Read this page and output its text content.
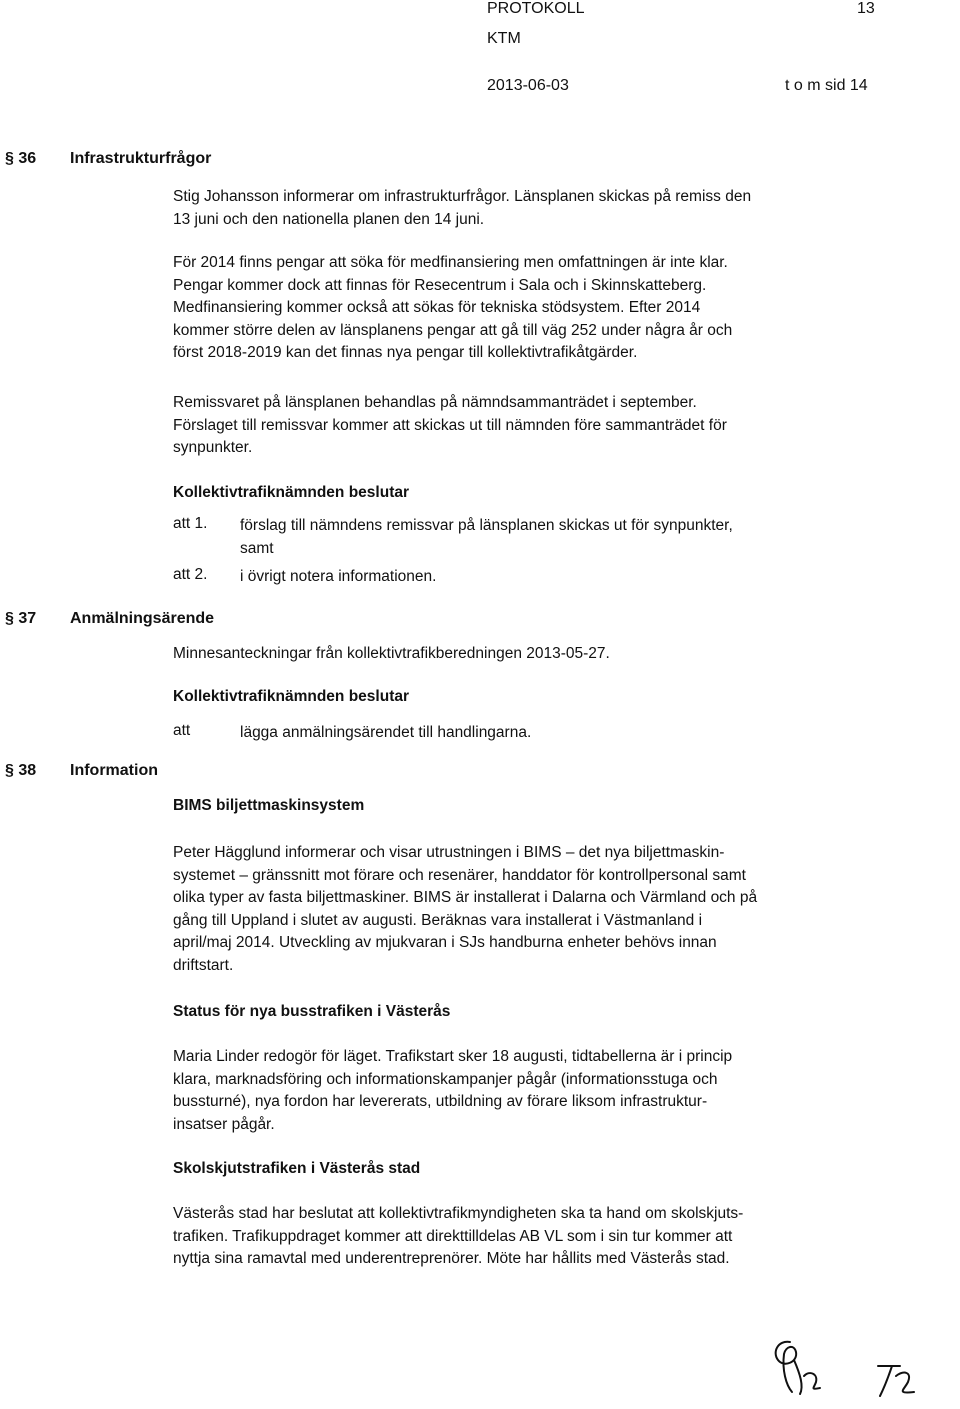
PROTOKOLL	13
KTM
2013-06-03	t o m sid 14
§ 36 Infrastrukturfrågor
Stig Johansson informerar om infrastrukturfrågor. Länsplanen skickas på remiss den
13 juni och den nationella planen den 14 juni.
För 2014 finns pengar att söka för medfinansiering men omfattningen är inte klar.
Pengar kommer dock att finnas för Resecentrum i Sala och i Skinnskatteberg.
Medfinansiering kommer också att sökas för tekniska stödsystem. Efter 2014
kommer större delen av länsplanens pengar att gå till väg 252 under några år och
först 2018-2019 kan det finnas nya pengar till kollektivtrafikåtgärder.
Remissvaret på länsplanen behandlas på nämndsammanträdet i september.
Förslaget till remissvar kommer att skickas ut till nämnden före sammanträdet för
synpunkter.
Kollektivtrafiknämnden beslutar
att 1. förslag till nämndens remissvar på länsplanen skickas ut för synpunkter,
samt
att 2. i övrigt notera informationen.
§ 37 Anmälningsärende
Minnesanteckningar från kollektivtrafikberedningen 2013-05-27.
Kollektivtrafiknämnden beslutar
att	lägga anmälningsärendet till handlingarna.
§ 38 Information
BIMS biljettmaskinsystem
Peter Hägglund informerar och visar utrustningen i BIMS – det nya biljettmaskin-
systemet – gränssnitt mot förare och resenärer, handdator för kontrollpersonal samt
olika typer av fasta biljettmaskiner. BIMS är installerat i Dalarna och Värmland och på
gång till Uppland i slutet av augusti. Beräknas vara installerat i Västmanland i
april/maj 2014. Utveckling av mjukvaran i SJs handburna enheter behövs innan
driftstart.
Status för nya busstrafiken i Västerås
Maria Linder redogör för läget. Trafikstart sker 18 augusti, tidtabellerna är i princip
klara, marknadsföring och informationskampanjer pågår (informationsstuga och
bussturné), nya fordon har levererats, utbildning av förare liksom infrastruktur-
insatser pågår.
Skolskjutstrafiken i Västerås stad
Västerås stad har beslutat att kollektivtrafikmyndigheten ska ta hand om skolskjuts-
trafiken. Trafikuppdraget kommer att direkttilldelas AB VL som i sin tur kommer att
nyttja sina ramavtal med underentreprenörer. Möte har hållits med Västerås stad.
